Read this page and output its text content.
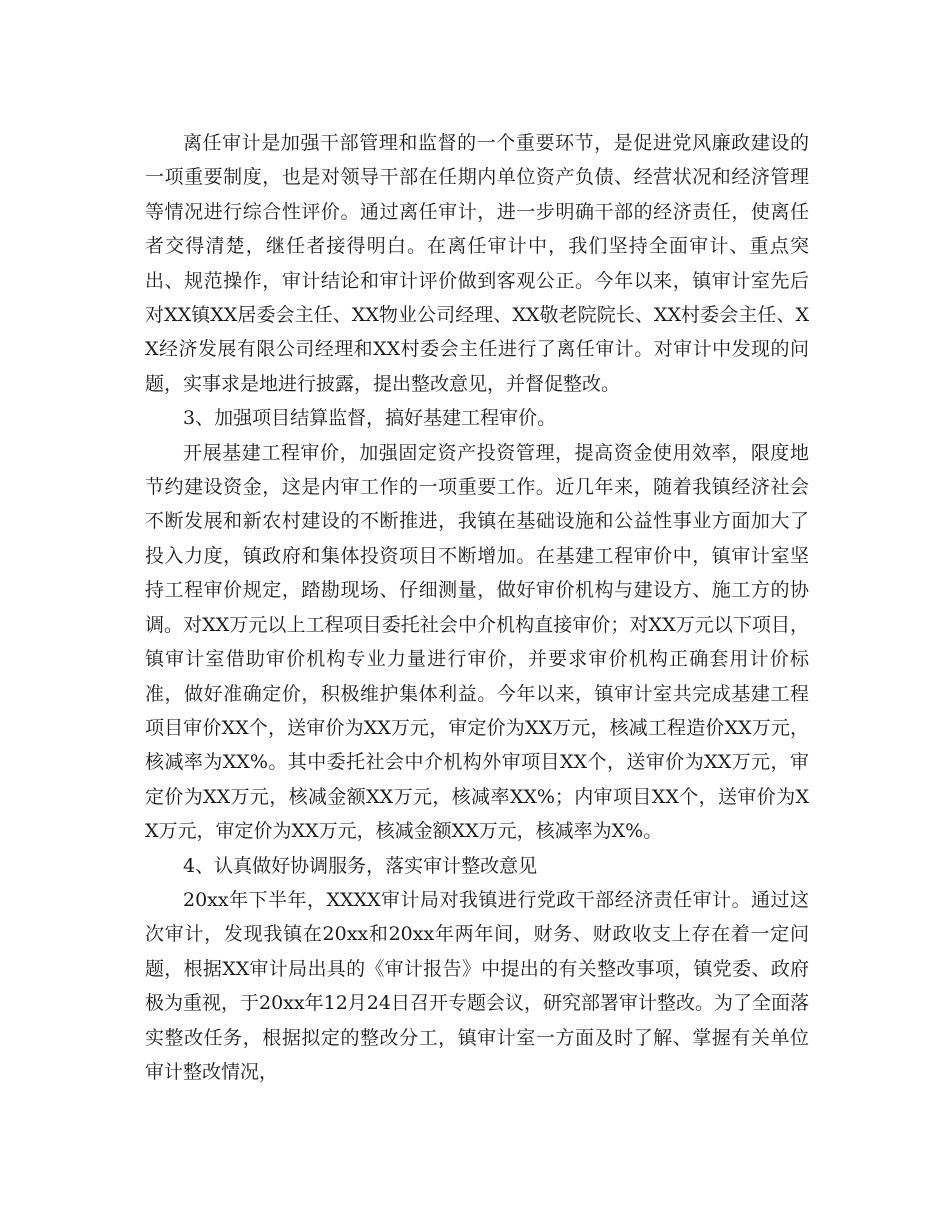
离任审计是加强干部管理和监督的一个重要环节，是促进党风廉政建设的一项重要制度，也是对领导干部在任期内单位资产负债、经营状况和经济管理等情况进行综合性评价。通过离任审计，进一步明确干部的经济责任，使离任者交得清楚，继任者接得明白。在离任审计中，我们坚持全面审计、重点突出、规范操作，审计结论和审计评价做到客观公正。今年以来，镇审计室先后对XX镇XX居委会主任、XX物业公司经理、XX敬老院院长、XX村委会主任、XX经济发展有限公司经理和XX村委会主任进行了离任审计。对审计中发现的问题，实事求是地进行披露，提出整改意见，并督促整改。

3、加强项目结算监督，搞好基建工程审价。

开展基建工程审价，加强固定资产投资管理，提高资金使用效率，限度地节约建设资金，这是内审工作的一项重要工作。近几年来，随着我镇经济社会不断发展和新农村建设的不断推进，我镇在基础设施和公益性事业方面加大了投入力度，镇政府和集体投资项目不断增加。在基建工程审价中，镇审计室坚持工程审价规定，踏勘现场、仔细测量，做好审价机构与建设方、施工方的协调。对XX万元以上工程项目委托社会中介机构直接审价；对XX万元以下项目，镇审计室借助审价机构专业力量进行审价，并要求审价机构正确套用计价标准，做好准确定价，积极维护集体利益。今年以来，镇审计室共完成基建工程项目审价XX个，送审价为XX万元，审定价为XX万元，核减工程造价XX万元，核减率为XX%。其中委托社会中介机构外审项目XX个，送审价为XX万元，审定价为XX万元，核减金额XX万元，核减率XX%；内审项目XX个，送审价为XX万元，审定价为XX万元，核减金额XX万元，核减率为X%。

4、认真做好协调服务，落实审计整改意见

20xx年下半年，XXXX审计局对我镇进行党政干部经济责任审计。通过这次审计，发现我镇在20xx和20xx年两年间，财务、财政收支上存在着一定问题，根据XX审计局出具的《审计报告》中提出的有关整改事项，镇党委、政府极为重视，于20xx年12月24日召开专题会议，研究部署审计整改。为了全面落实整改任务，根据拟定的整改分工，镇审计室一方面及时了解、掌握有关单位审计整改情况，
